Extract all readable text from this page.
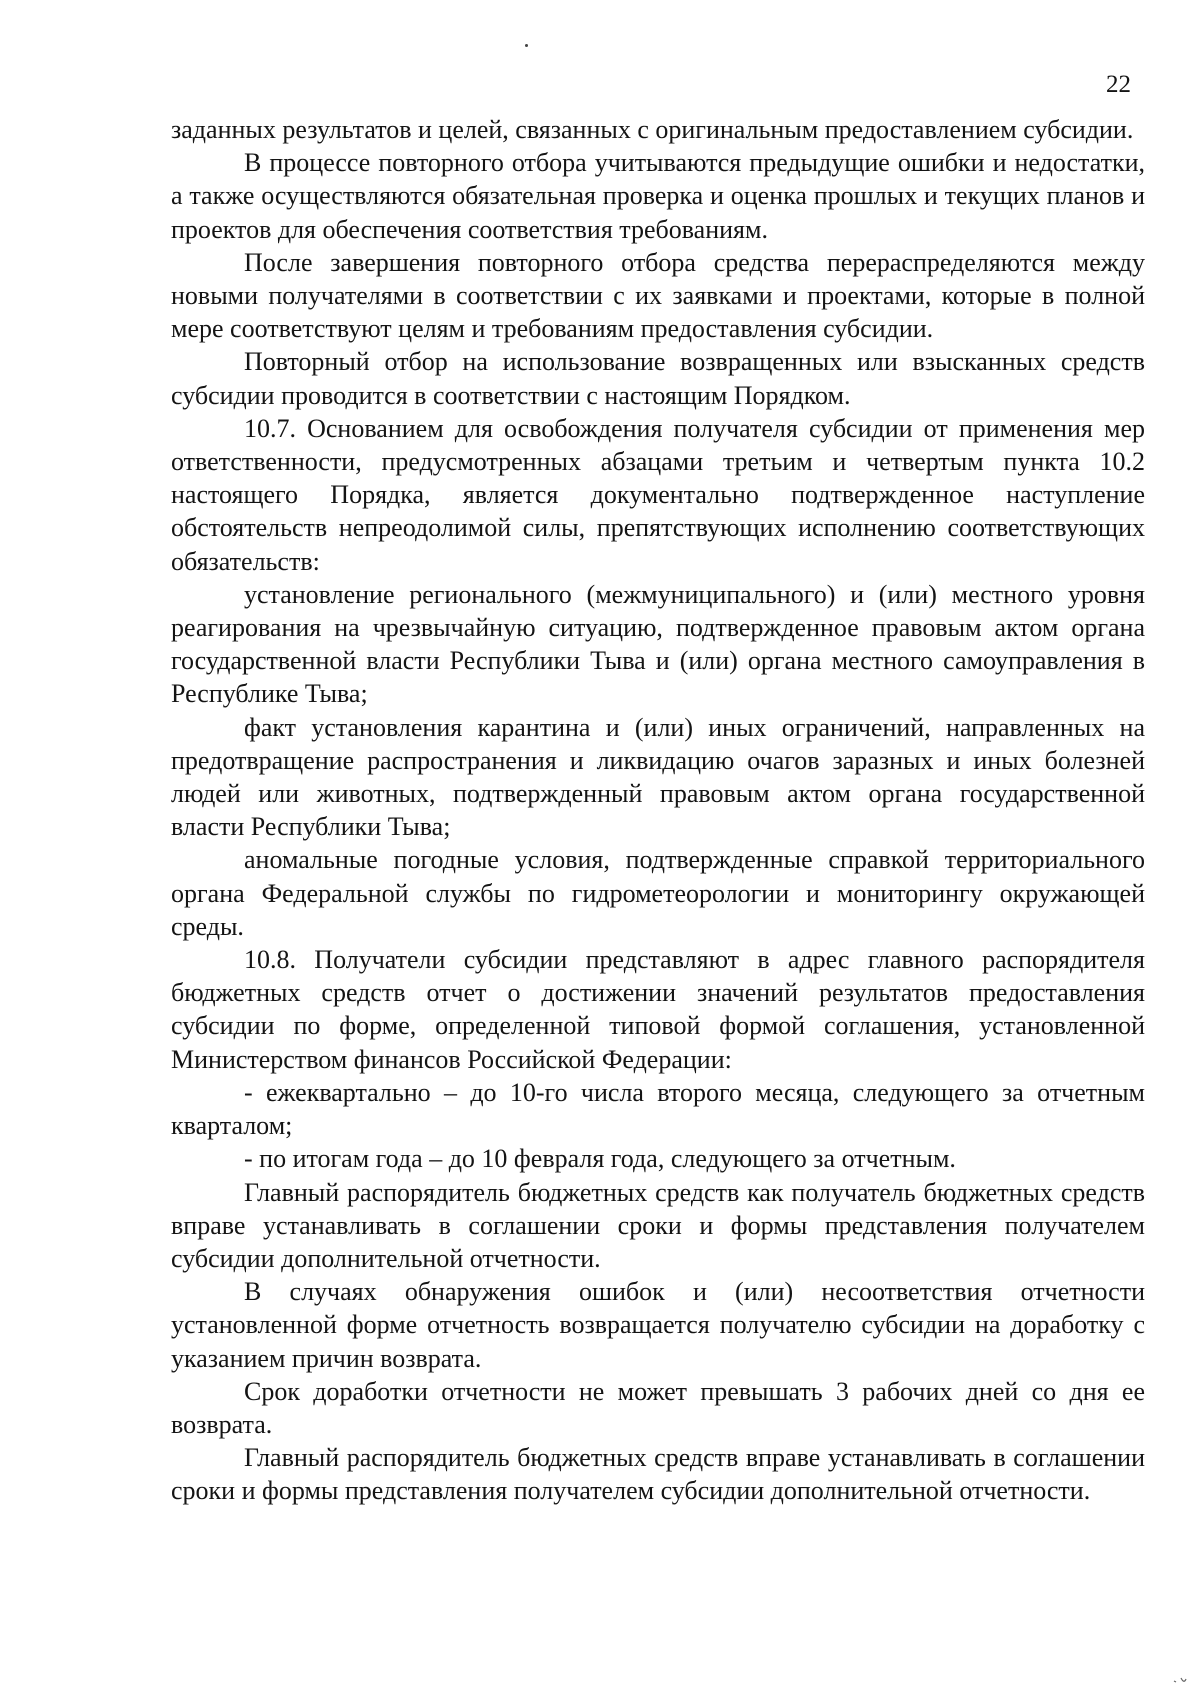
22

заданных результатов и целей, связанных с оригинальным предоставлением субсидии.

В процессе повторного отбора учитываются предыдущие ошибки и недостатки, а также осуществляются обязательная проверка и оценка прошлых и текущих планов и проектов для обеспечения соответствия требованиям.

После завершения повторного отбора средства перераспределяются между новыми получателями в соответствии с их заявками и проектами, которые в полной мере соответствуют целям и требованиям предоставления субсидии.

Повторный отбор на использование возвращенных или взысканных средств субсидии проводится в соответствии с настоящим Порядком.

10.7. Основанием для освобождения получателя субсидии от применения мер ответственности, предусмотренных абзацами третьим и четвертым пункта 10.2 настоящего Порядка, является документально подтвержденное наступление обстоятельств непреодолимой силы, препятствующих исполнению соответствующих обязательств:

установление регионального (межмуниципального) и (или) местного уровня реагирования на чрезвычайную ситуацию, подтвержденное правовым актом органа государственной власти Республики Тыва и (или) органа местного самоуправления в Республике Тыва;

факт установления карантина и (или) иных ограничений, направленных на предотвращение распространения и ликвидацию очагов заразных и иных болезней людей или животных, подтвержденный правовым актом органа государственной власти Республики Тыва;

аномальные погодные условия, подтвержденные справкой территориального органа Федеральной службы по гидрометеорологии и мониторингу окружающей среды.

10.8. Получатели субсидии представляют в адрес главного распорядителя бюджетных средств отчет о достижении значений результатов предоставления субсидии по форме, определенной типовой формой соглашения, установленной Министерством финансов Российской Федерации:

- ежеквартально – до 10-го числа второго месяца, следующего за отчетным кварталом;

- по итогам года – до 10 февраля года, следующего за отчетным.

Главный распорядитель бюджетных средств как получатель бюджетных средств вправе устанавливать в соглашении сроки и формы представления получателем субсидии дополнительной отчетности.

В случаях обнаружения ошибок и (или) несоответствия отчетности установленной форме отчетность возвращается получателю субсидии на доработку с указанием причин возврата.

Срок доработки отчетности не может превышать 3 рабочих дней со дня ее возврата.

Главный распорядитель бюджетных средств вправе устанавливать в соглашении сроки и формы представления получателем субсидии дополнительной отчетности.
